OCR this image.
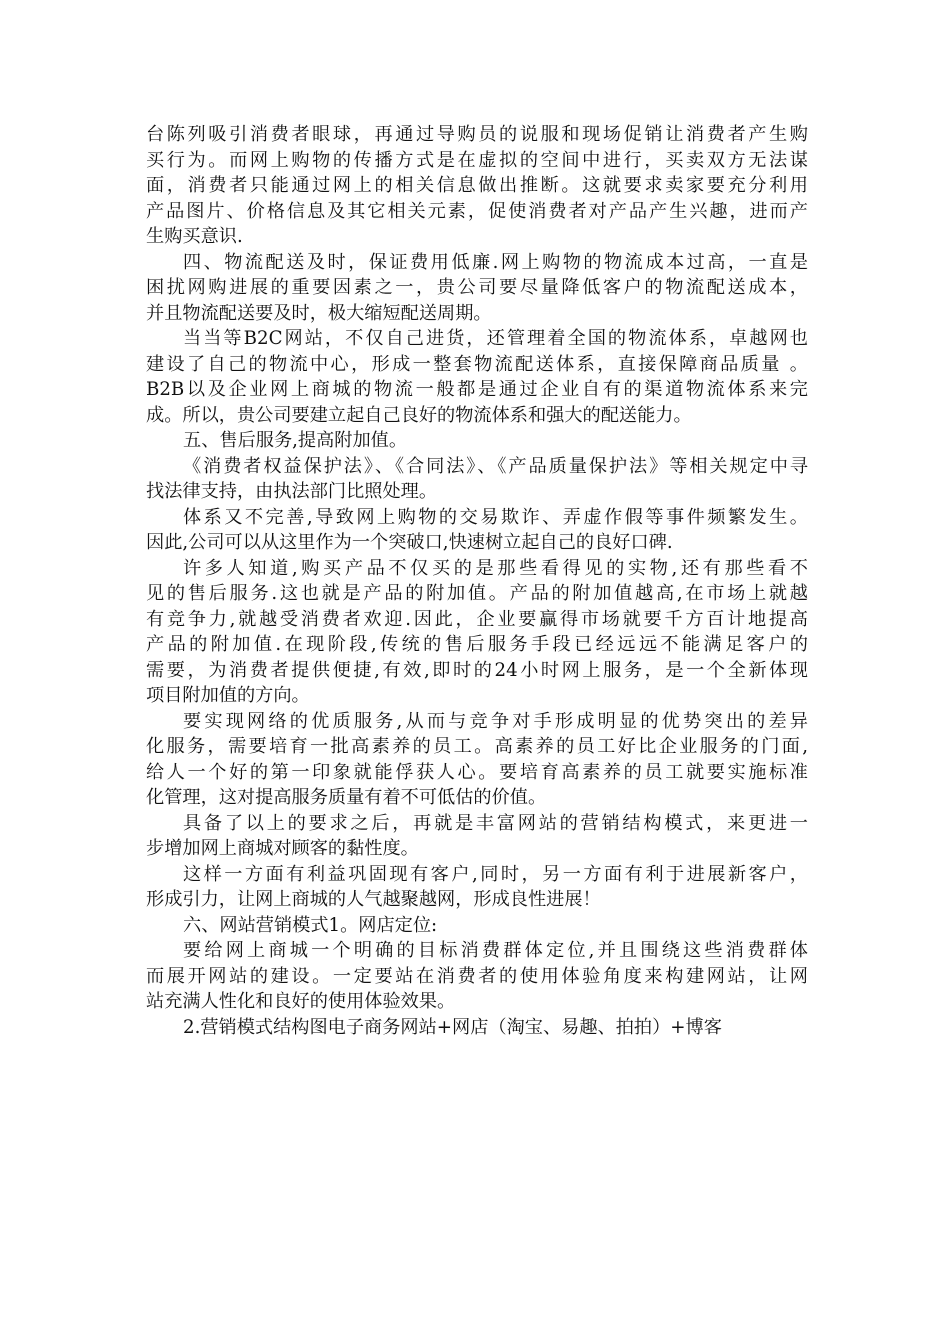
台陈列吸引消费者眼球，再通过导购员的说服和现场促销让消费者产生购
买行为。而网上购物的传播方式是在虚拟的空间中进行，买卖双方无法谋
面，消费者只能通过网上的相关信息做出推断。这就要求卖家要充分利用
产品图片、价格信息及其它相关元素，促使消费者对产品产生兴趣，进而产
生购买意识.
四、物流配送及时，保证费用低廉.网上购物的物流成本过高，一直是
困扰网购进展的重要因素之一，贵公司要尽量降低客户的物流配送成本，
并且物流配送要及时，极大缩短配送周期。
当当等B2C网站，不仅自己进货，还管理着全国的物流体系，卓越网也
建设了自己的物流中心，形成一整套物流配送体系，直接保障商品质量 。
B2B以及企业网上商城的物流一般都是通过企业自有的渠道物流体系来完
成。所以，贵公司要建立起自己良好的物流体系和强大的配送能力。
五、售后服务,提高附加值。
《消费者权益保护法》、《合同法》、《产品质量保护法》等相关规定中寻
找法律支持，由执法部门比照处理。
体系又不完善,导致网上购物的交易欺诈、弄虚作假等事件频繁发生。
因此,公司可以从这里作为一个突破口,快速树立起自己的良好口碑.
许多人知道,购买产品不仅买的是那些看得见的实物,还有那些看不
见的售后服务.这也就是产品的附加值。产品的附加值越高,在市场上就越
有竞争力,就越受消费者欢迎.因此，企业要赢得市场就要千方百计地提高
产品的附加值.在现阶段,传统的售后服务手段已经远远不能满足客户的
需要，为消费者提供便捷,有效,即时的24小时网上服务，是一个全新体现
项目附加值的方向。
要实现网络的优质服务,从而与竞争对手形成明显的优势突出的差异
化服务，需要培育一批高素养的员工。高素养的员工好比企业服务的门面,
给人一个好的第一印象就能俘获人心。要培育高素养的员工就要实施标准
化管理，这对提高服务质量有着不可低估的价值。
具备了以上的要求之后，再就是丰富网站的营销结构模式，来更进一
步增加网上商城对顾客的黏性度。
这样一方面有利益巩固现有客户,同时，另一方面有利于进展新客户，
形成引力，让网上商城的人气越聚越网，形成良性进展！
六、网站营销模式1。网店定位:
要给网上商城一个明确的目标消费群体定位,并且围绕这些消费群体
而展开网站的建设。一定要站在消费者的使用体验角度来构建网站，让网
站充满人性化和良好的使用体验效果。
2.营销模式结构图电子商务网站+网店（淘宝、易趣、拍拍）+博客
